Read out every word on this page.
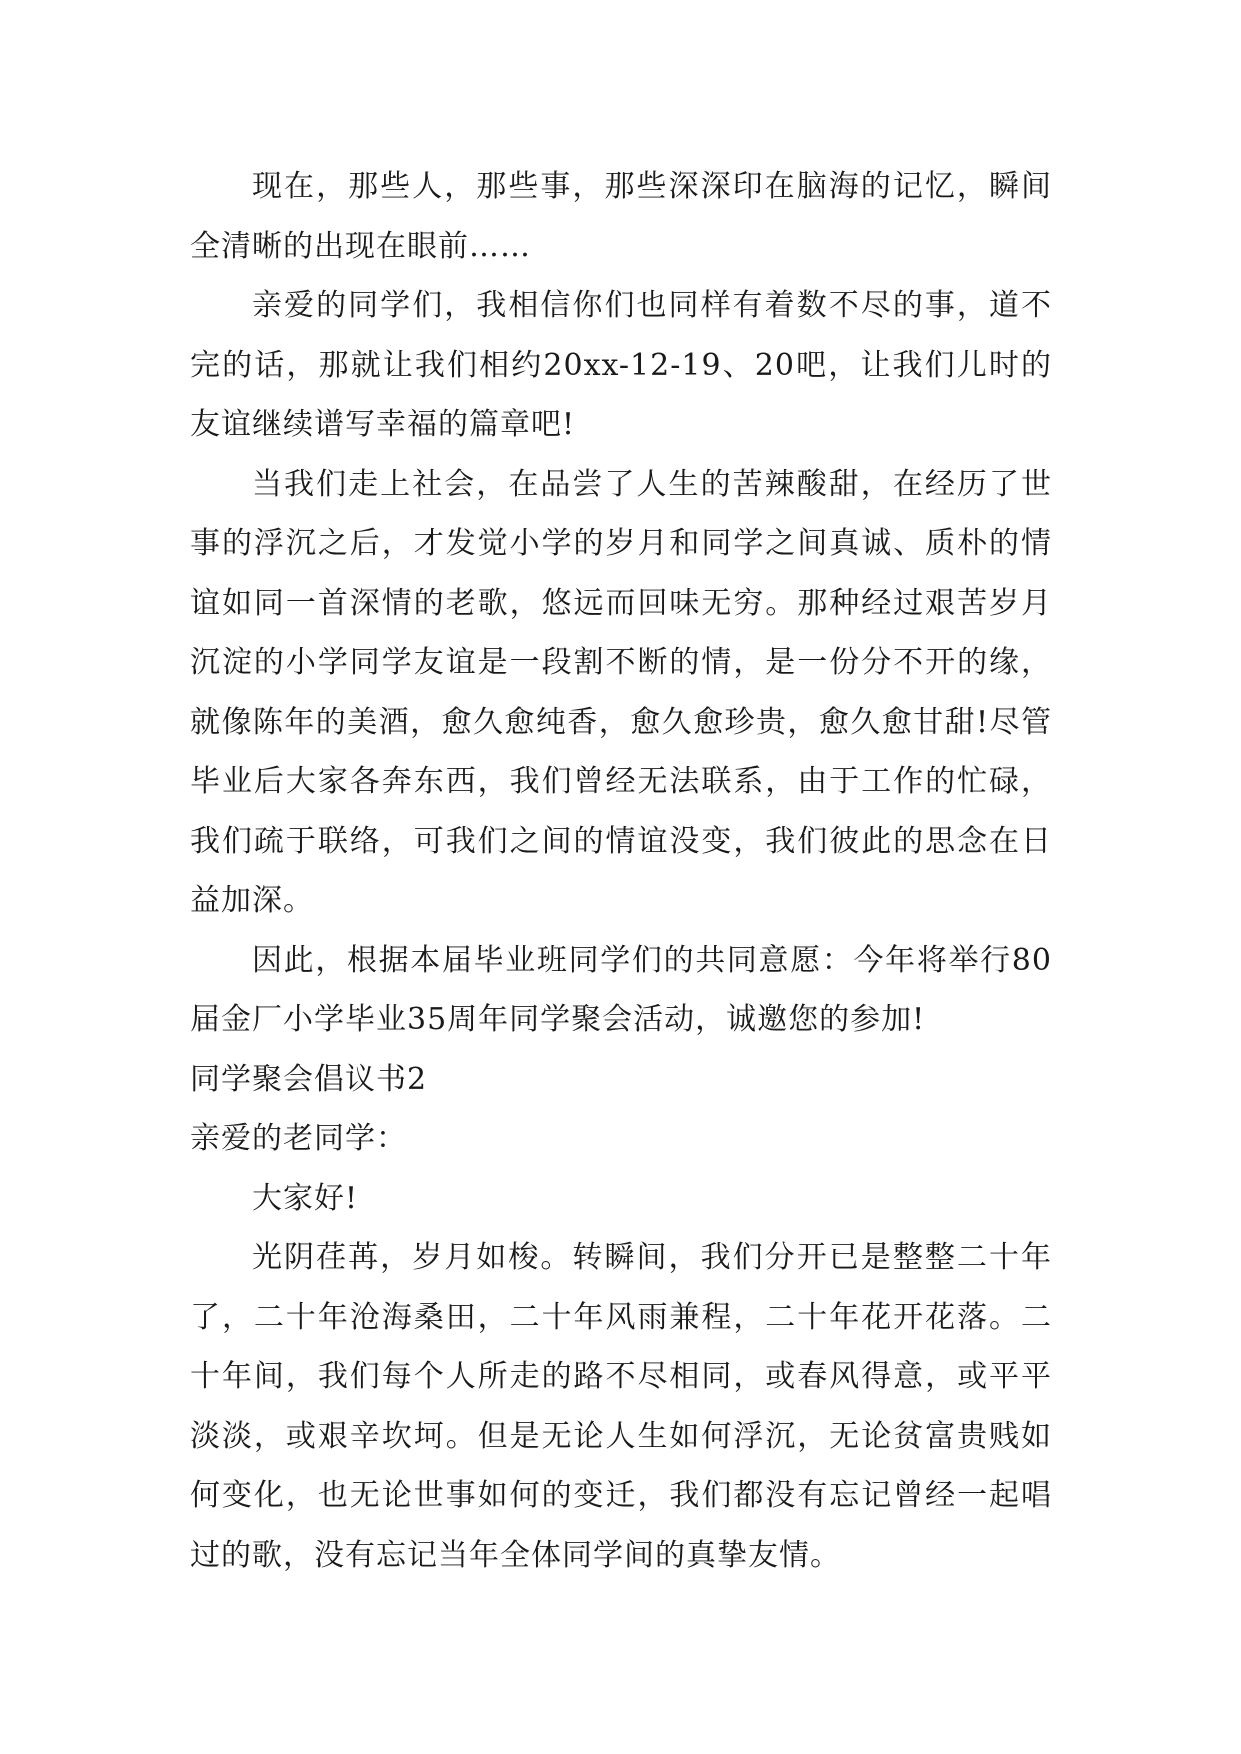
现在，那些人，那些事，那些深深印在脑海的记忆，瞬间全清晰的出现在眼前……

亲爱的同学们，我相信你们也同样有着数不尽的事，道不完的话，那就让我们相约20xx-12-19、20吧，让我们儿时的友谊继续谱写幸福的篇章吧!

当我们走上社会，在品尝了人生的苦辣酸甜，在经历了世事的浮沉之后，才发觉小学的岁月和同学之间真诚、质朴的情谊如同一首深情的老歌，悠远而回味无穷。那种经过艰苦岁月沉淀的小学同学友谊是一段割不断的情，是一份分不开的缘，就像陈年的美酒，愈久愈纯香，愈久愈珍贵，愈久愈甘甜!尽管毕业后大家各奔东西，我们曾经无法联系，由于工作的忙碌，我们疏于联络，可我们之间的情谊没变，我们彼此的思念在日益加深。

因此，根据本届毕业班同学们的共同意愿：今年将举行80届金厂小学毕业35周年同学聚会活动，诚邀您的参加!

同学聚会倡议书2

亲爱的老同学：

大家好!

光阴荏苒，岁月如梭。转瞬间，我们分开已是整整二十年了，二十年沧海桑田，二十年风雨兼程，二十年花开花落。二十年间，我们每个人所走的路不尽相同，或春风得意，或平平淡淡，或艰辛坎坷。但是无论人生如何浮沉，无论贫富贵贱如何变化，也无论世事如何的变迁，我们都没有忘记曾经一起唱过的歌，没有忘记当年全体同学间的真挚友情。
